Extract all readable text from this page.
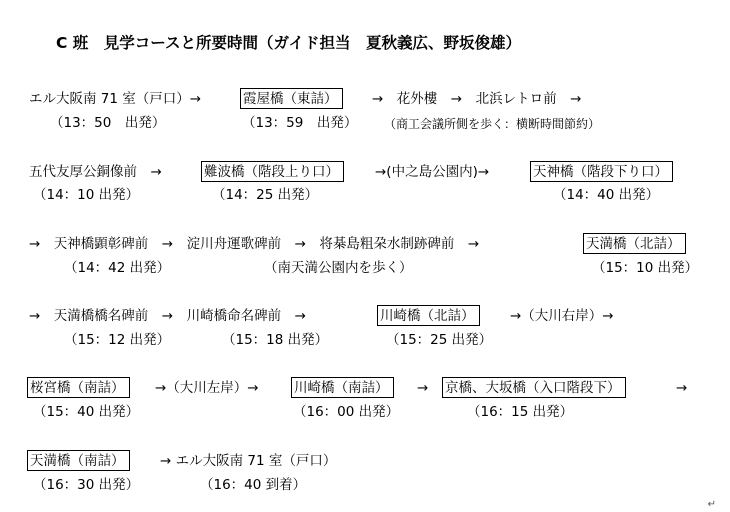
C 班　見学コースと所要時間（ガイド担当　夏秋義広、野坂俊雄）
エル大阪南 71 室（戸口）→	霞屋橋（東詰）	→　花外樓　→　北浜レトロ前　→
（13：50　出発）	（13：59　出発） （商工会議所側を歩く：横断時間節約）
五代友厚公銅像前　→	難波橋（階段上り口）	→(中之島公園内)→	天神橋（階段下り口）
（14：10 出発）	（14：25 出発）	（14：40 出発）
→　天神橋顕彰碑前　→　淀川舟運歌碑前　→　将棊島粗朶水制跡碑前　→	天満橋（北詰）
（14：42 出発）	（南天満公園内を歩く）	（15：10 出発）
→　天満橋橋名碑前　→　川崎橋命名碑前　→	川崎橋（北詰）	→（大川右岸）→
（15：12 出発）	（15：18 出発）	（15：25 出発）
桜宮橋（南詰）	→（大川左岸）→	川崎橋（南詰）	→ 京橋、大坂橋（入口階段下）	→
（15：40 出発）	（16：00 出発）	（16：15 出発）
天満橋（南詰）	→ エル大阪南 71 室（戸口）
（16：30 出発）	（16：40 到着）
↵
